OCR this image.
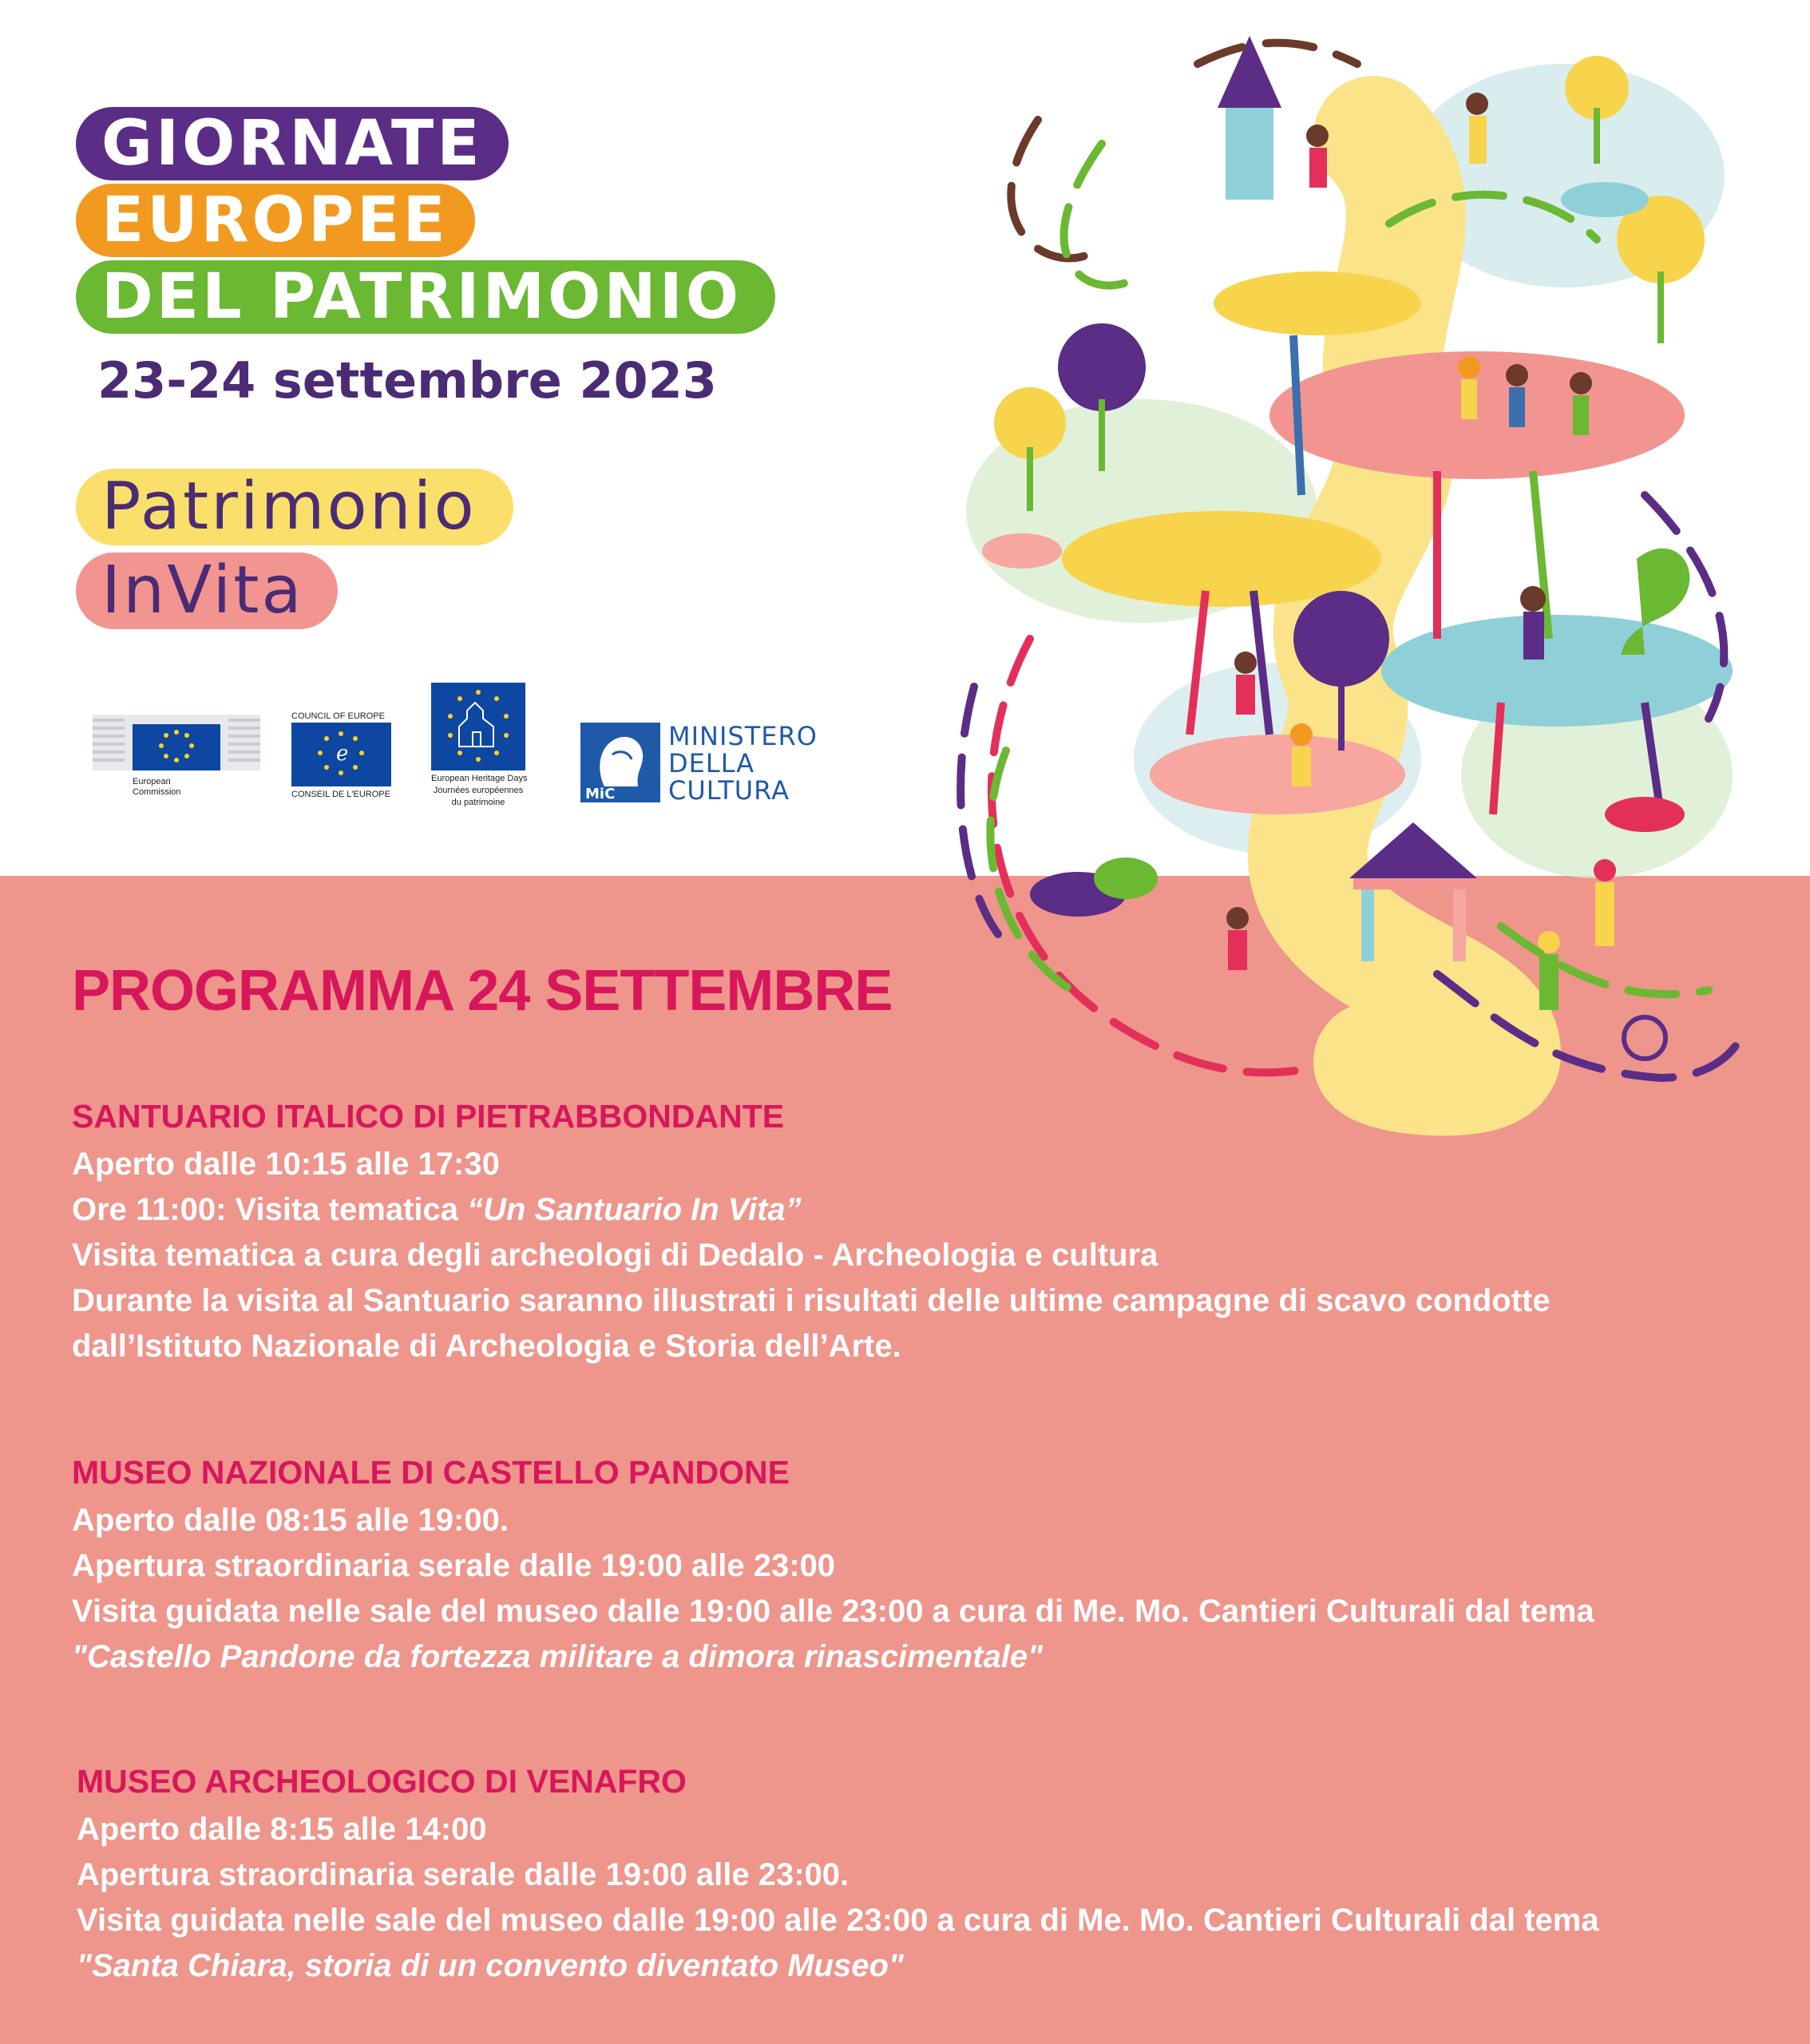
GIORNATE
EUROPEE
DEL PATRIMONIO
23-24 settembre 2023
Patrimonio
InVita
European
Commission
COUNCIL OF EUROPE
e
CONSEIL DE L'EUROPE
European Heritage Days
Journées européennes
du patrimoine	MiC
MINISTERO
DELLA
CULTURA
PROGRAMMA 24 SETTEMBRE
SANTUARIO ITALICO DI PIETRABBONDANTE

Aperto dalle 10:15 alle 17:30

Ore 11:00: Visita tematica “Un Santuario In Vita”

Visita tematica a cura degli archeologi di Dedalo - Archeologia e cultura

Durante la visita al Santuario saranno illustrati i risultati delle ultime campagne di scavo condotte

dall’Istituto Nazionale di Archeologia e Storia dell’Arte.

MUSEO NAZIONALE DI CASTELLO PANDONE

Aperto dalle 08:15 alle 19:00.

Apertura straordinaria serale dalle 19:00 alle 23:00

Visita guidata nelle sale del museo dalle 19:00 alle 23:00 a cura di Me. Mo. Cantieri Culturali dal tema

"Castello Pandone da fortezza militare a dimora rinascimentale"

MUSEO ARCHEOLOGICO DI VENAFRO

Aperto dalle 8:15 alle 14:00

Apertura straordinaria serale dalle 19:00 alle 23:00.

Visita guidata nelle sale del museo dalle 19:00 alle 23:00 a cura di Me. Mo. Cantieri Culturali dal tema

"Santa Chiara, storia di un convento diventato Museo"
